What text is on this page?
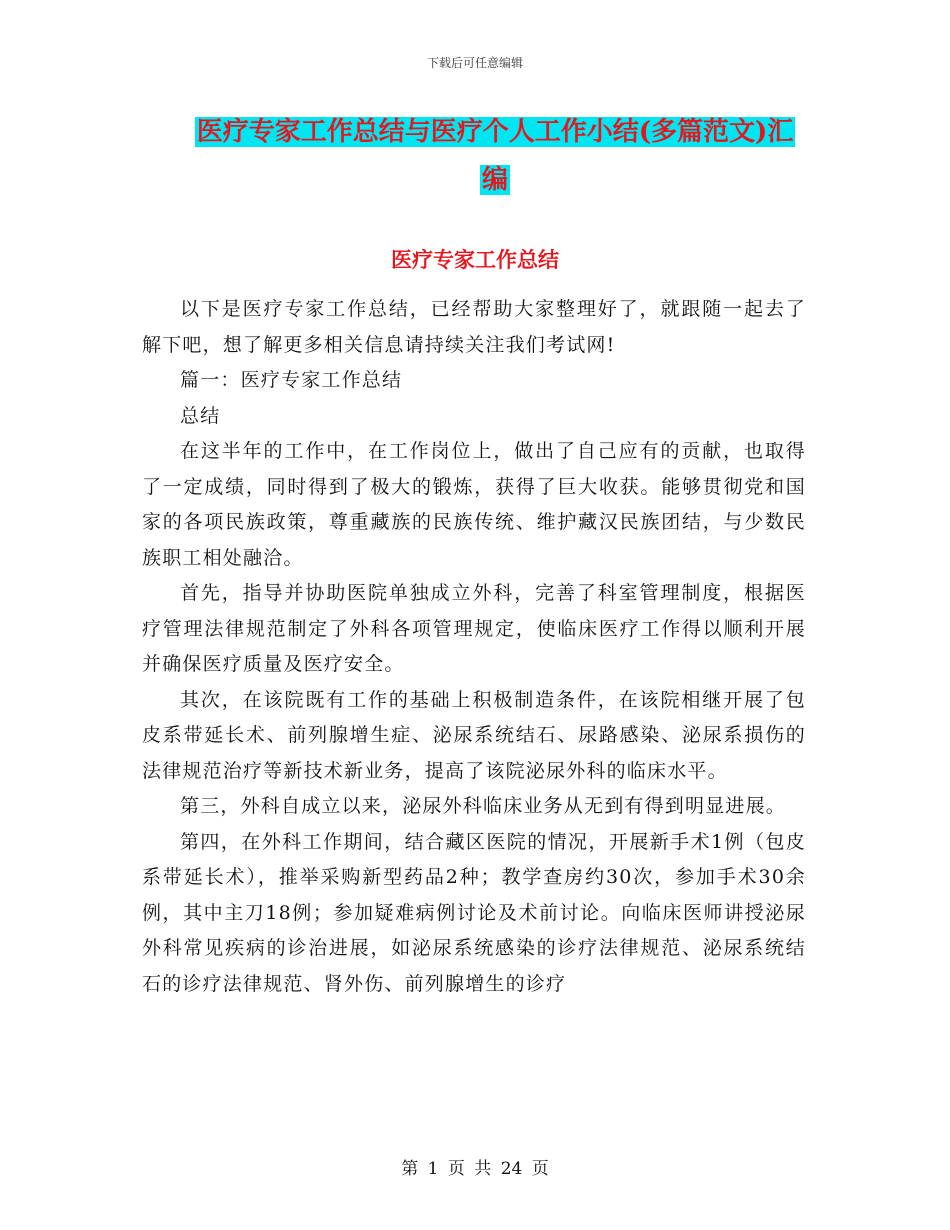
下载后可任意编辑
医疗专家工作总结与医疗个人工作小结(多篇范文)汇
编
医疗专家工作总结

以下是医疗专家工作总结，已经帮助大家整理好了，就跟随一起去了解下吧，想了解更多相关信息请持续关注我们考试网!

篇一：医疗专家工作总结

总结

在这半年的工作中，在工作岗位上，做出了自己应有的贡献，也取得了一定成绩，同时得到了极大的锻炼，获得了巨大收获。能够贯彻党和国家的各项民族政策，尊重藏族的民族传统、维护藏汉民族团结，与少数民族职工相处融洽。

首先，指导并协助医院单独成立外科，完善了科室管理制度，根据医疗管理法律规范制定了外科各项管理规定，使临床医疗工作得以顺利开展并确保医疗质量及医疗安全。

其次，在该院既有工作的基础上积极制造条件，在该院相继开展了包皮系带延长术、前列腺增生症、泌尿系统结石、尿路感染、泌尿系损伤的法律规范治疗等新技术新业务，提高了该院泌尿外科的临床水平。

第三，外科自成立以来，泌尿外科临床业务从无到有得到明显进展。

第四，在外科工作期间，结合藏区医院的情况，开展新手术1例（包皮系带延长术），推举采购新型药品2种；教学查房约30次，参加手术30余例，其中主刀18例；参加疑难病例讨论及术前讨论。向临床医师讲授泌尿外科常见疾病的诊治进展，如泌尿系统感染的诊疗法律规范、泌尿系统结石的诊疗法律规范、肾外伤、前列腺增生的诊疗

第 1 页 共 24 页
